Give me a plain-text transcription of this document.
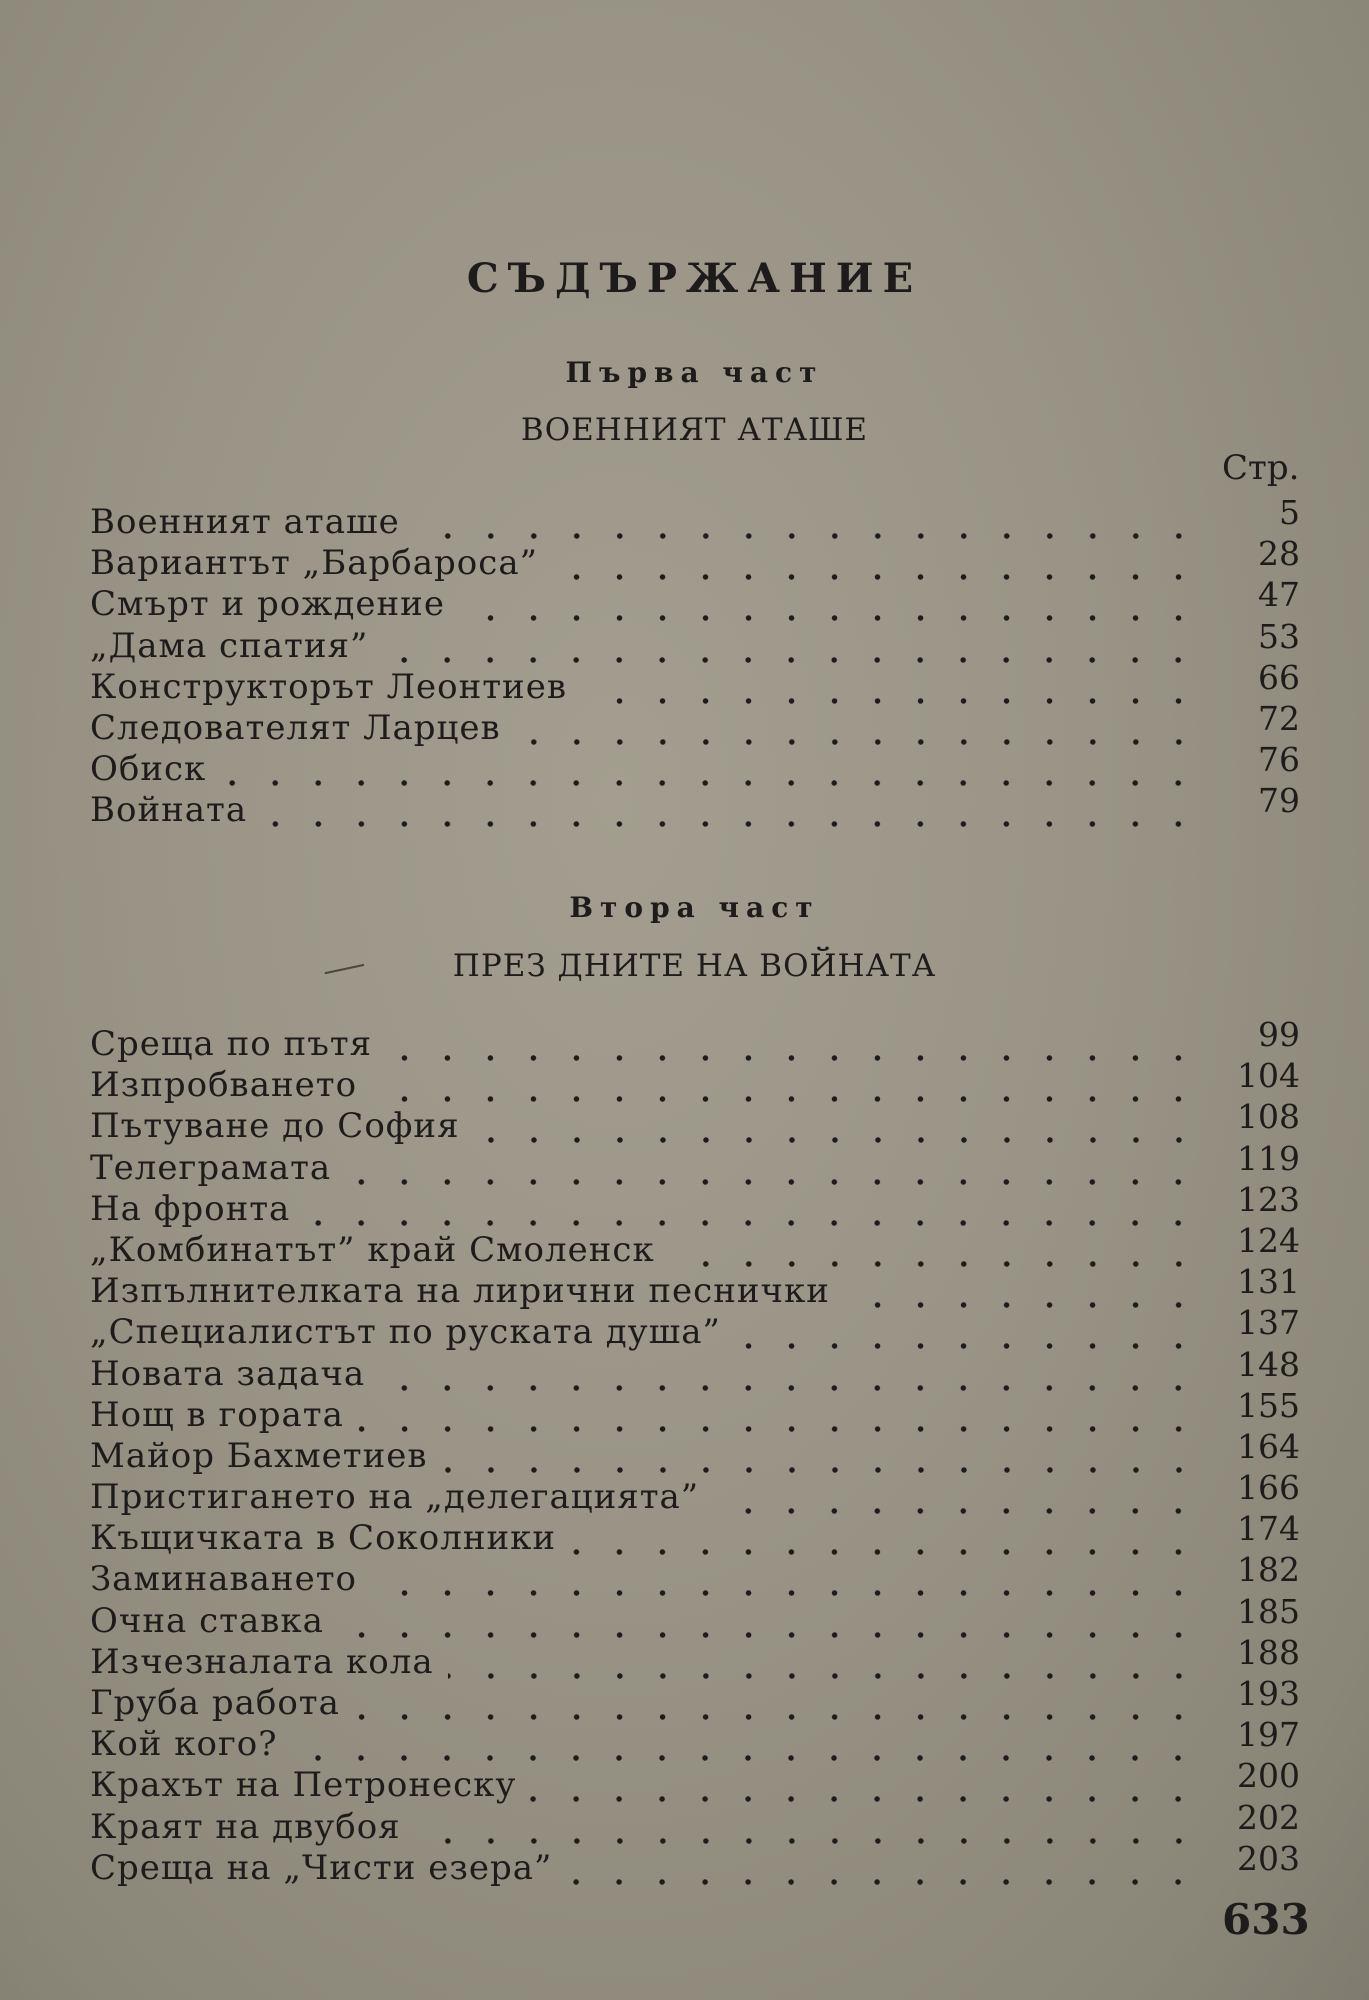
СЪДЪРЖАНИЕ
Първа част
ВОЕННИЯТ АТАШЕ
Стр.
Военният аташе	5
Вариантът „Барбароса”	28
Смърт и рождение	47
„Дама спатия”	53
Конструкторът Леонтиев	66
Следователят Ларцев	72
Обиск	76
Войната	79
Втора част
ПРЕЗ ДНИТЕ НА ВОЙНАТА
Среща по пътя	99
Изпробването	104
Пътуване до София	108
Телеграмата	119
На фронта	123
„Комбинатът” край Смоленск	124
Изпълнителката на лирични песнички	131
„Специалистът по руската душа”	137
Новата задача	148
Нощ в гората	155
Майор Бахметиев	164
Пристигането на „делегацията”	166
Къщичката в Соколники	174
Заминаването	182
Очна ставка	185
Изчезналата кола	188
Груба работа	193
Кой кого?	197
Крахът на Петронеску	200
Краят на двубоя	202
Среща на „Чисти езера”	203
633
